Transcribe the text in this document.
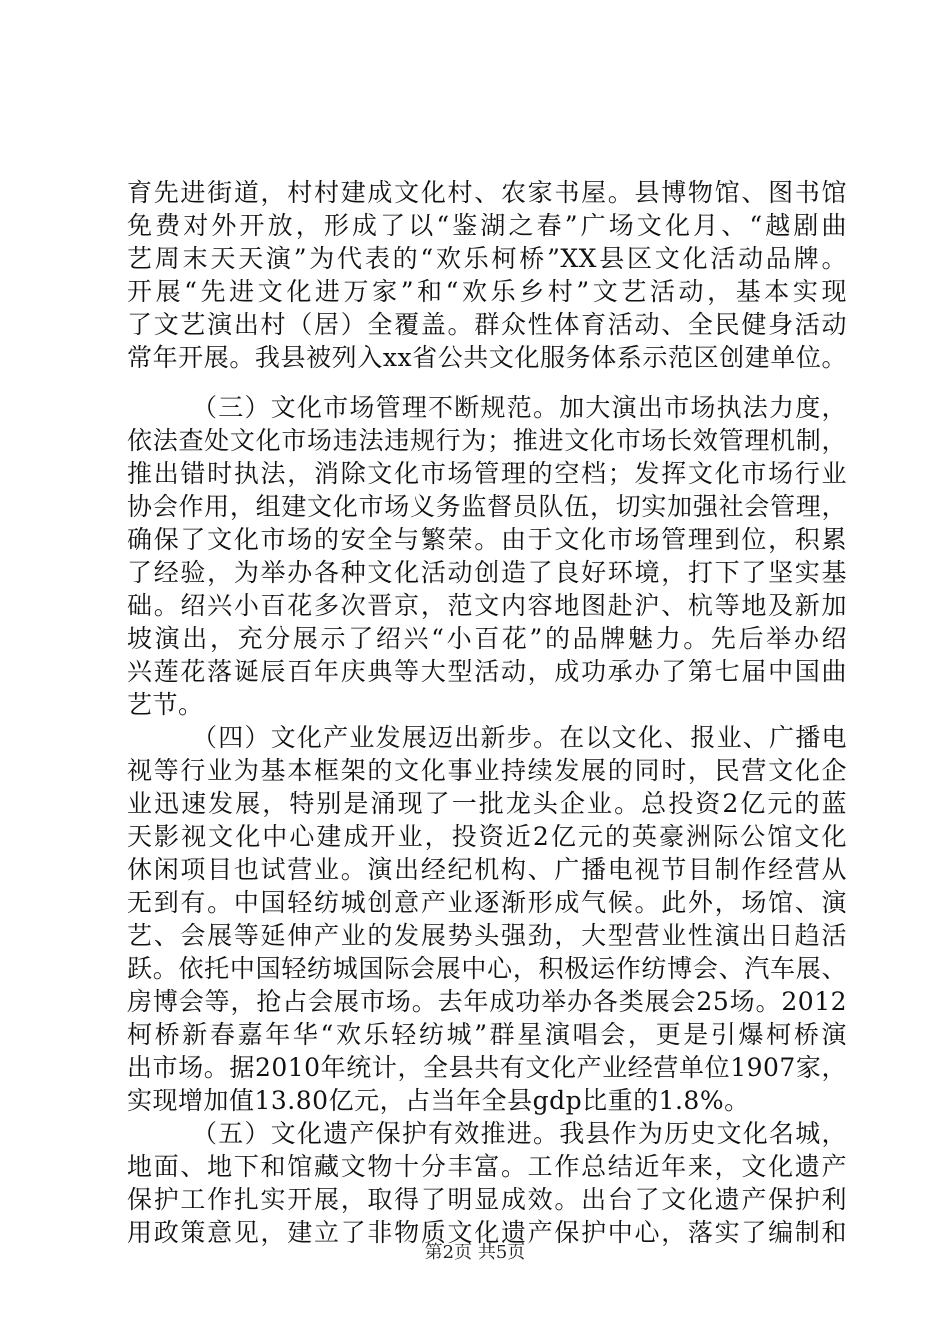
育先进街道，村村建成文化村、农家书屋。县博物馆、图书馆
免费对外开放，形成了以“鉴湖之春”广场文化月、“越剧曲
艺周末天天演”为代表的“欢乐柯桥”XX县区文化活动品牌。
开展“先进文化进万家”和“欢乐乡村”文艺活动，基本实现
了文艺演出村（居）全覆盖。群众性体育活动、全民健身活动
常年开展。我县被列入xx省公共文化服务体系示范区创建单位。
（三）文化市场管理不断规范。加大演出市场执法力度，
依法查处文化市场违法违规行为；推进文化市场长效管理机制，
推出错时执法，消除文化市场管理的空档；发挥文化市场行业
协会作用，组建文化市场义务监督员队伍，切实加强社会管理，
确保了文化市场的安全与繁荣。由于文化市场管理到位，积累
了经验，为举办各种文化活动创造了良好环境，打下了坚实基
础。绍兴小百花多次晋京，范文内容地图赴沪、杭等地及新加
坡演出，充分展示了绍兴“小百花”的品牌魅力。先后举办绍
兴莲花落诞辰百年庆典等大型活动，成功承办了第七届中国曲
艺节。
（四）文化产业发展迈出新步。在以文化、报业、广播电
视等行业为基本框架的文化事业持续发展的同时，民营文化企
业迅速发展，特别是涌现了一批龙头企业。总投资2亿元的蓝
天影视文化中心建成开业，投资近2亿元的英豪洲际公馆文化
休闲项目也试营业。演出经纪机构、广播电视节目制作经营从
无到有。中国轻纺城创意产业逐渐形成气候。此外，场馆、演
艺、会展等延伸产业的发展势头强劲，大型营业性演出日趋活
跃。依托中国轻纺城国际会展中心，积极运作纺博会、汽车展、
房博会等，抢占会展市场。去年成功举办各类展会25场。2012
柯桥新春嘉年华“欢乐轻纺城”群星演唱会，更是引爆柯桥演
出市场。据2010年统计，全县共有文化产业经营单位1907家，
实现增加值13.80亿元，占当年全县gdp比重的1.8%。
（五）文化遗产保护有效推进。我县作为历史文化名城，
地面、地下和馆藏文物十分丰富。工作总结近年来，文化遗产
保护工作扎实开展，取得了明显成效。出台了文化遗产保护利
用政策意见，建立了非物质文化遗产保护中心，落实了编制和
第2页 共5页
